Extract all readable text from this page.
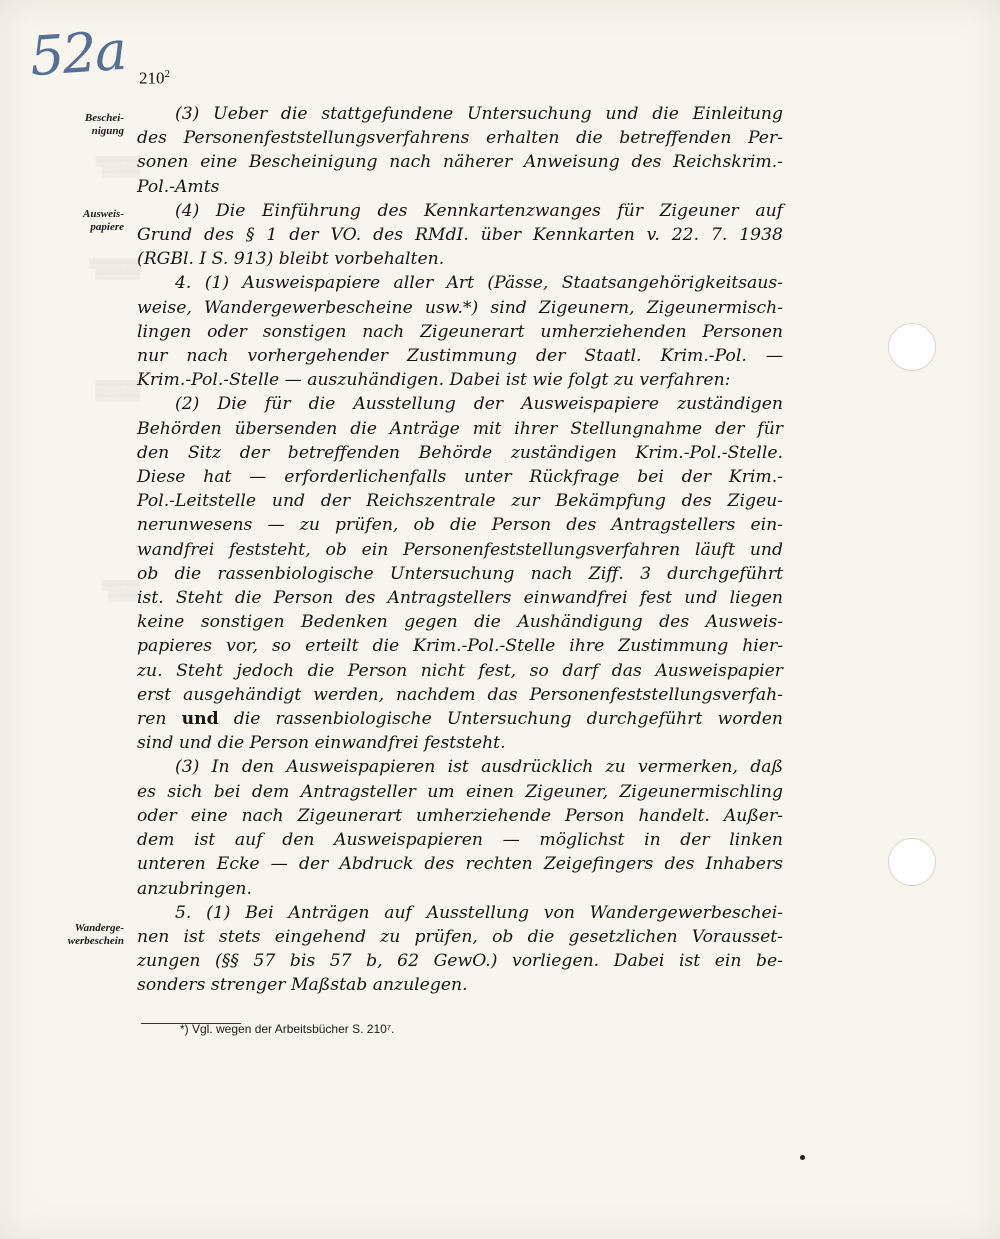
▒▒▒▒▒▒▒
▒▒▒▒▒▒
▒▒▒▒▒▒▒▒
▒▒▒▒▒▒▒
▒▒▒▒▒▒▒
▒▒▒▒▒▒▒
▒▒▒▒▒▒
▒▒▒▒▒
52a $210^2$
Beschei-
nigung
Ausweis-
papiere
Wanderge-
werbeschein
(3) Ueber die stattgefundene Untersuchung und die Einleitung
des Personenfeststellungsverfahrens erhalten die betreffenden Per-
sonen eine Bescheinigung nach näherer Anweisung des Reichskrim.-
Pol.-Amts
(4) Die Einführung des Kennkartenzwanges für Zigeuner auf
Grund des § 1 der VO. des RMdI. über Kennkarten v. 22. 7. 1938
(RGBl. I S. 913) bleibt vorbehalten.
4. (1) Ausweispapiere aller Art (Pässe, Staatsangehörigkeitsaus-
weise, Wandergewerbescheine usw.*) sind Zigeunern, Zigeunermisch-
lingen oder sonstigen nach Zigeunerart umherziehenden Personen
nur nach vorhergehender Zustimmung der Staatl. Krim.-Pol. —
Krim.-Pol.-Stelle — auszuhändigen. Dabei ist wie folgt zu verfahren:
(2) Die für die Ausstellung der Ausweispapiere zuständigen
Behörden übersenden die Anträge mit ihrer Stellungnahme der für
den Sitz der betreffenden Behörde zuständigen Krim.-Pol.-Stelle.
Diese hat — erforderlichenfalls unter Rückfrage bei der Krim.-
Pol.-Leitstelle und der Reichszentrale zur Bekämpfung des Zigeu-
nerunwesens — zu prüfen, ob die Person des Antragstellers ein-
wandfrei feststeht, ob ein Personenfeststellungsverfahren läuft und
ob die rassenbiologische Untersuchung nach Ziff. 3 durchgeführt
ist. Steht die Person des Antragstellers einwandfrei fest und liegen
keine sonstigen Bedenken gegen die Aushändigung des Ausweis-
papieres vor, so erteilt die Krim.-Pol.-Stelle ihre Zustimmung hier-
zu. Steht jedoch die Person nicht fest, so darf das Ausweispapier
erst ausgehändigt werden, nachdem das Personenfeststellungsverfah-
ren und die rassenbiologische Untersuchung durchgeführt worden
sind und die Person einwandfrei feststeht.
(3) In den Ausweispapieren ist ausdrücklich zu vermerken, daß
es sich bei dem Antragsteller um einen Zigeuner, Zigeunermischling
oder eine nach Zigeunerart umherziehende Person handelt. Außer-
dem ist auf den Ausweispapieren — möglichst in der linken
unteren Ecke — der Abdruck des rechten Zeigefingers des Inhabers
anzubringen.
5. (1) Bei Anträgen auf Ausstellung von Wandergewerbeschei-
nen ist stets eingehend zu prüfen, ob die gesetzlichen Vorausset-
zungen (§§ 57 bis 57 b, 62 GewO.) vorliegen. Dabei ist ein be-
sonders strenger Maßstab anzulegen.
*) Vgl. wegen der Arbeitsbücher S. 210⁷.
